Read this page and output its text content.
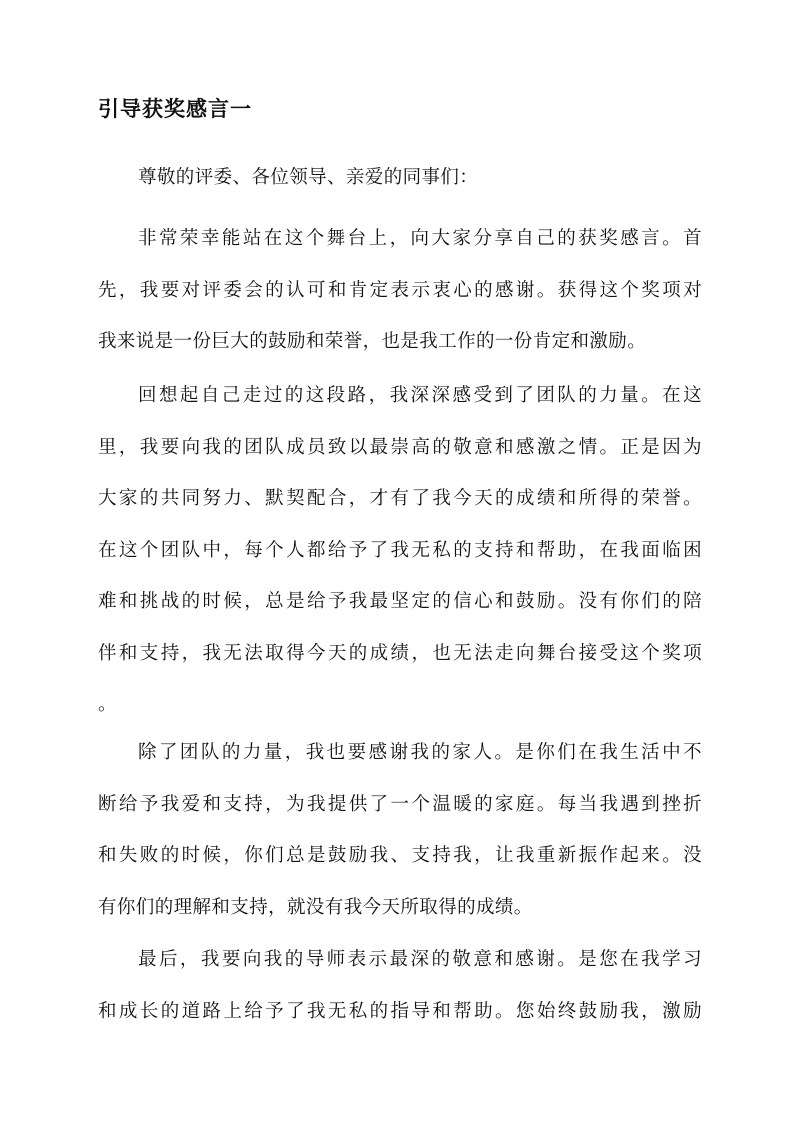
引导获奖感言一

尊敬的评委、各位领导、亲爱的同事们：

非常荣幸能站在这个舞台上，向大家分享自己的获奖感言。首
先，我要对评委会的认可和肯定表示衷心的感谢。获得这个奖项对
我来说是一份巨大的鼓励和荣誉，也是我工作的一份肯定和激励。

回想起自己走过的这段路，我深深感受到了团队的力量。在这
里，我要向我的团队成员致以最崇高的敬意和感激之情。正是因为
大家的共同努力、默契配合，才有了我今天的成绩和所得的荣誉。
在这个团队中，每个人都给予了我无私的支持和帮助，在我面临困
难和挑战的时候，总是给予我最坚定的信心和鼓励。没有你们的陪
伴和支持，我无法取得今天的成绩，也无法走向舞台接受这个奖项
。

除了团队的力量，我也要感谢我的家人。是你们在我生活中不
断给予我爱和支持，为我提供了一个温暖的家庭。每当我遇到挫折
和失败的时候，你们总是鼓励我、支持我，让我重新振作起来。没
有你们的理解和支持，就没有我今天所取得的成绩。

最后，我要向我的导师表示最深的敬意和感谢。是您在我学习
和成长的道路上给予了我无私的指导和帮助。您始终鼓励我，激励
